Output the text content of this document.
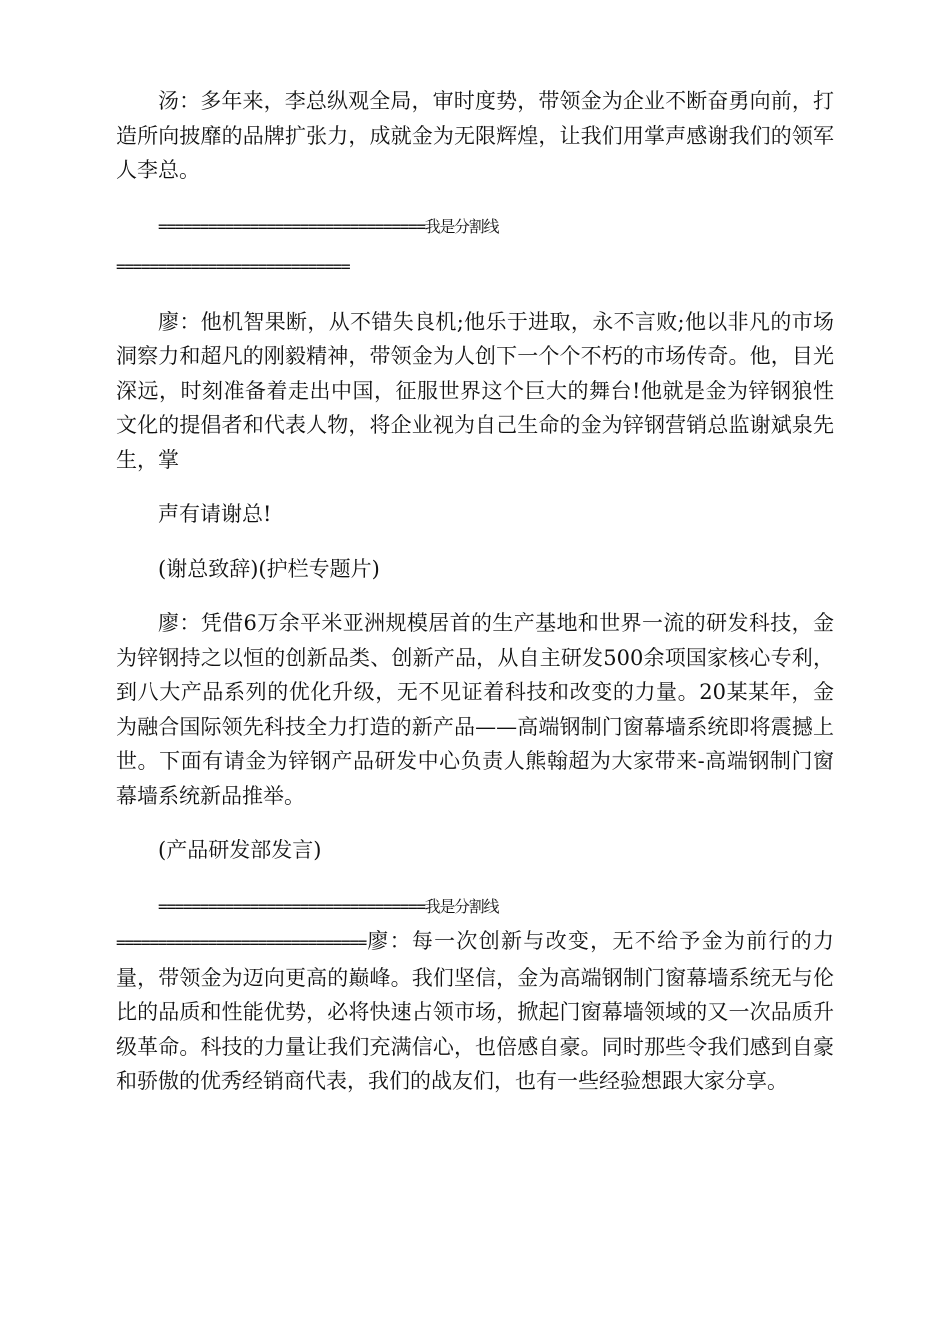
汤：多年来，李总纵观全局，审时度势，带领金为企业不断奋勇向前，打造所向披靡的品牌扩张力，成就金为无限辉煌，让我们用掌声感谢我们的领军人李总。

================================我是分割线
============================

廖：他机智果断，从不错失良机;他乐于进取，永不言败;他以非凡的市场洞察力和超凡的刚毅精神，带领金为人创下一个个不朽的市场传奇。他，目光深远，时刻准备着走出中国，征服世界这个巨大的舞台!他就是金为锌钢狼性文化的提倡者和代表人物，将企业视为自己生命的金为锌钢营销总监谢斌泉先生，掌

声有请谢总!

(谢总致辞)(护栏专题片)

廖：凭借6万余平米亚洲规模居首的生产基地和世界一流的研发科技，金为锌钢持之以恒的创新品类、创新产品，从自主研发500余项国家核心专利，到八大产品系列的优化升级，无不见证着科技和改变的力量。20某某年，金为融合国际领先科技全力打造的新产品——高端钢制门窗幕墙系统即将震撼上世。下面有请金为锌钢产品研发中心负责人熊翰超为大家带来-高端钢制门窗幕墙系统新品推举。

(产品研发部发言)

================================我是分割线

==============================廖：每一次创新与改变，无不给予金为前行的力量，带领金为迈向更高的巅峰。我们坚信，金为高端钢制门窗幕墙系统无与伦比的品质和性能优势，必将快速占领市场，掀起门窗幕墙领域的又一次品质升级革命。科技的力量让我们充满信心，也倍感自豪。同时那些令我们感到自豪和骄傲的优秀经销商代表，我们的战友们，也有一些经验想跟大家分享。
